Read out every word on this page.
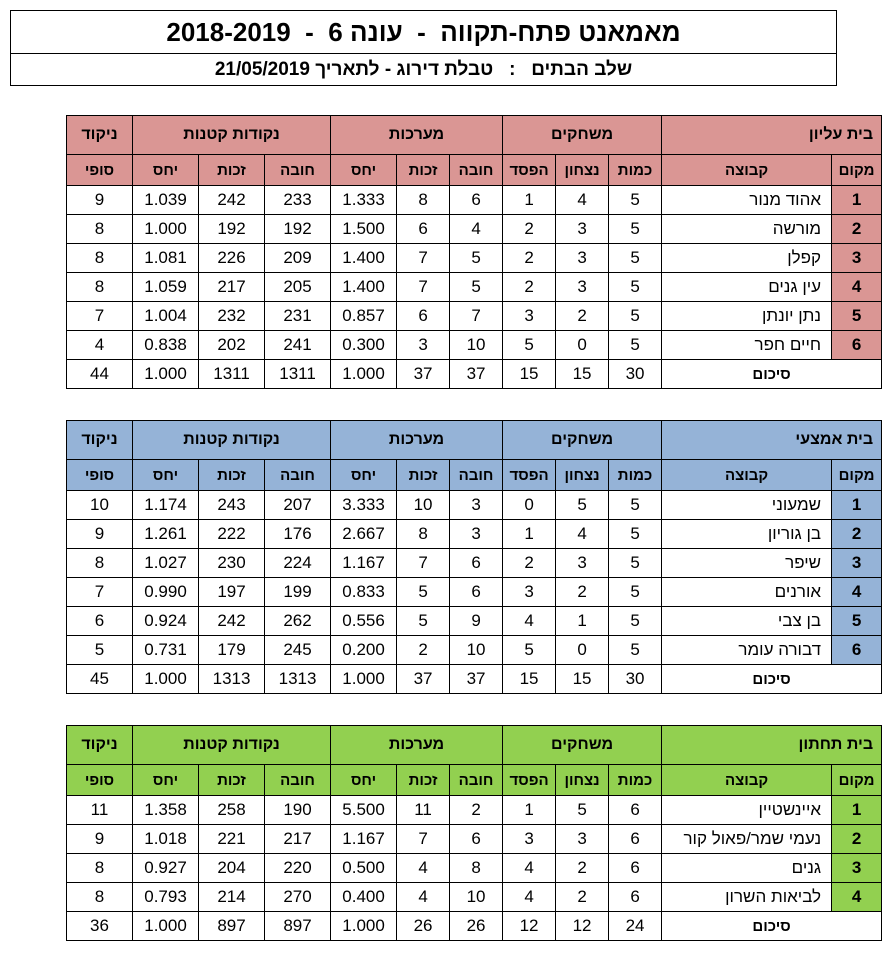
מאמאנט פתח-תקווה  -  עונה 6  -  2018-2019
שלב הבתים   :   טבלת דירוג - לתאריך 21/05/2019
בית עליון		משחקים			מערכות			נקודות קטנות			ניקוד
מקום	קבוצה	כמות	נצחון	הפסד	חובה	זכות	יחס	חובה	זכות	יחס	סופי
1	אהוד מנור	5	4	1	6	8	1.333	233	242	1.039	9
2	מורשה	5	3	2	4	6	1.500	192	192	1.000	8
3	קפלן	5	3	2	5	7	1.400	209	226	1.081	8
4	עין גנים	5	3	2	5	7	1.400	205	217	1.059	8
5	נתן יונתן	5	2	3	7	6	0.857	231	232	1.004	7
6	חיים חפר	5	0	5	10	3	0.300	241	202	0.838	4
סיכום		30	15	15	37	37	1.000	1311	1311	1.000	44
בית אמצעי		משחקים			מערכות			נקודות קטנות			ניקוד
מקום	קבוצה	כמות	נצחון	הפסד	חובה	זכות	יחס	חובה	זכות	יחס	סופי
1	שמעוני	5	5	0	3	10	3.333	207	243	1.174	10
2	בן גוריון	5	4	1	3	8	2.667	176	222	1.261	9
3	שיפר	5	3	2	6	7	1.167	224	230	1.027	8
4	אורנים	5	2	3	6	5	0.833	199	197	0.990	7
5	בן צבי	5	1	4	9	5	0.556	262	242	0.924	6
6	דבורה עומר	5	0	5	10	2	0.200	245	179	0.731	5
סיכום		30	15	15	37	37	1.000	1313	1313	1.000	45
בית תחתון		משחקים			מערכות			נקודות קטנות			ניקוד
מקום	קבוצה	כמות	נצחון	הפסד	חובה	זכות	יחס	חובה	זכות	יחס	סופי
1	איינשטיין	6	5	1	2	11	5.500	190	258	1.358	11
2	נעמי שמר/פאול קור	6	3	3	6	7	1.167	217	221	1.018	9
3	גנים	6	2	4	8	4	0.500	220	204	0.927	8
4	לביאות השרון	6	2	4	10	4	0.400	270	214	0.793	8
סיכום		24	12	12	26	26	1.000	897	897	1.000	36
